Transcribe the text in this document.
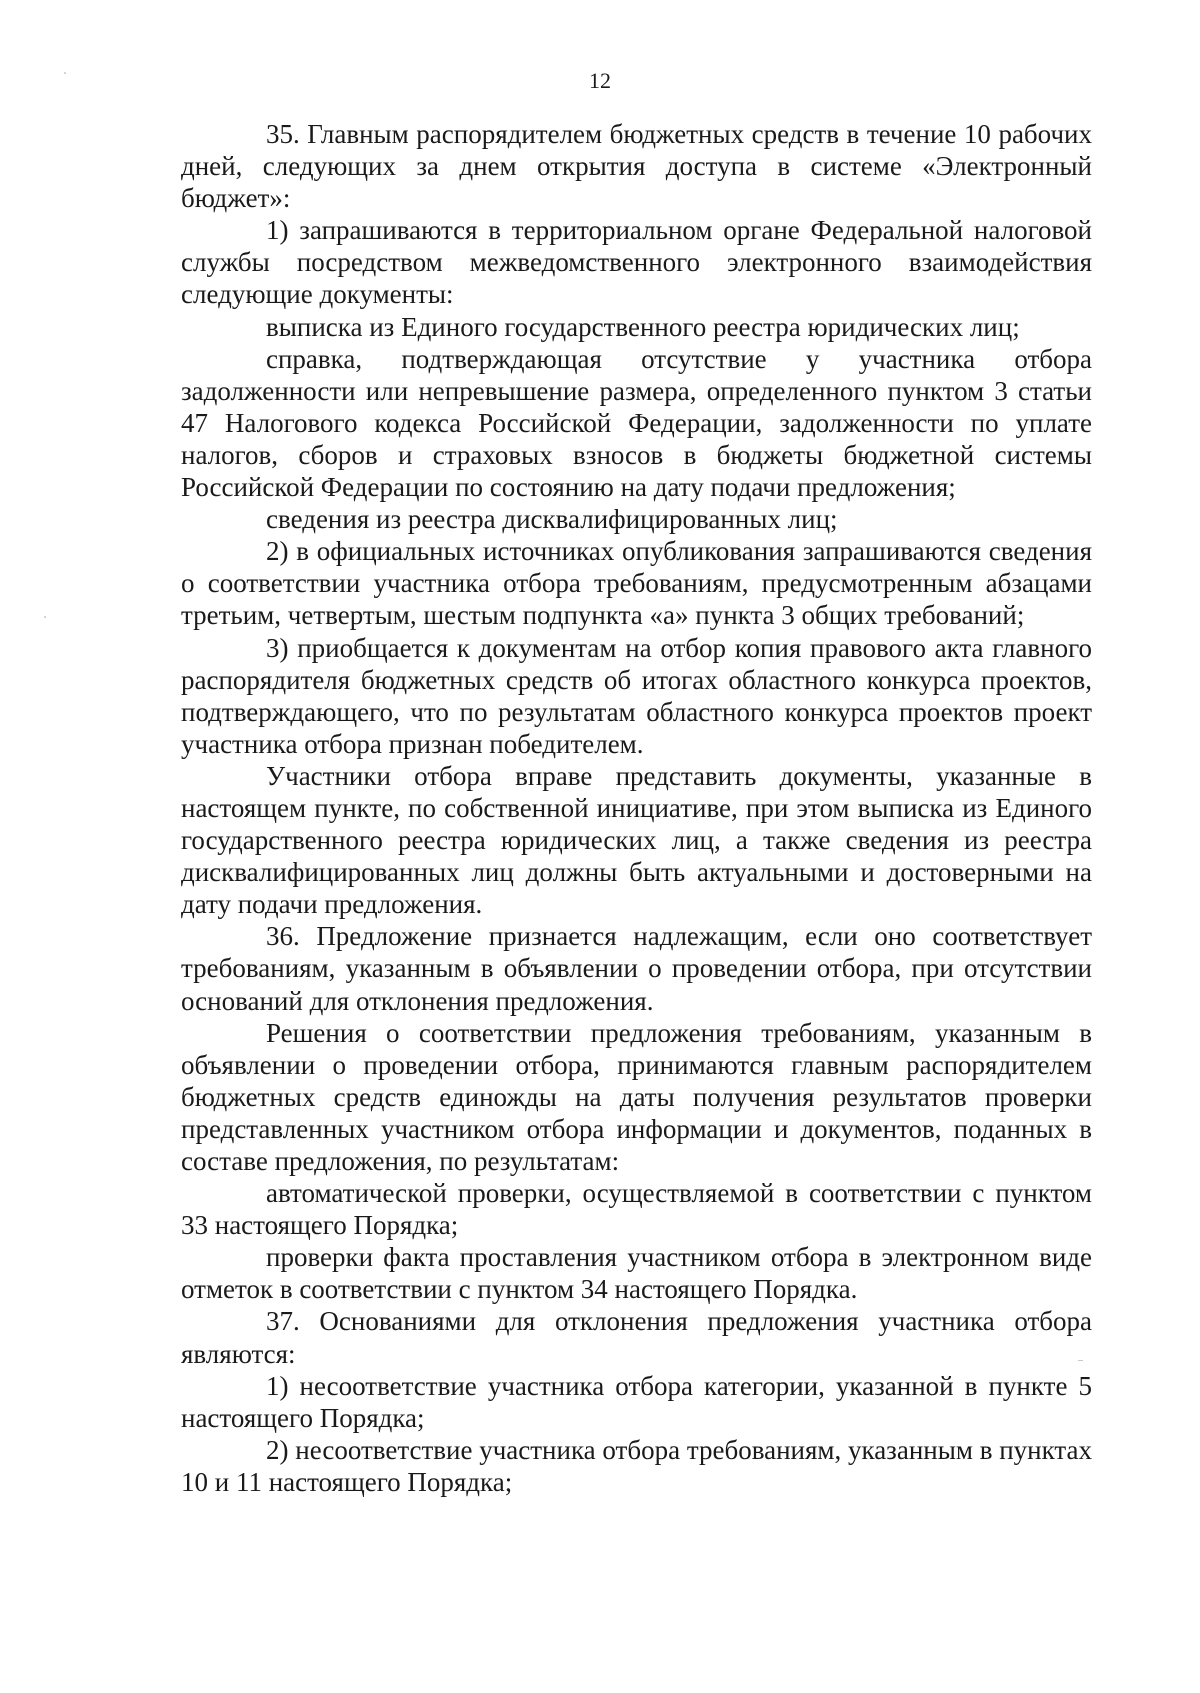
12

35. Главным распорядителем бюджетных средств в течение 10 рабочих дней, следующих за днем открытия доступа в системе «Электронный бюджет»:

1) запрашиваются в территориальном органе Федеральной налоговой службы посредством межведомственного электронного взаимодействия следующие документы:

выписка из Единого государственного реестра юридических лиц;

справка, подтверждающая отсутствие у участника отбора задолженности или непревышение размера, определенного пунктом 3 статьи 47 Налогового кодекса Российской Федерации, задолженности по уплате налогов, сборов и страховых взносов в бюджеты бюджетной системы Российской Федерации по состоянию на дату подачи предложения;

сведения из реестра дисквалифицированных лиц;

2) в официальных источниках опубликования запрашиваются сведения о соответствии участника отбора требованиям, предусмотренным абзацами третьим, четвертым, шестым подпункта «а» пункта 3 общих требований;

3) приобщается к документам на отбор копия правового акта главного распорядителя бюджетных средств об итогах областного конкурса проектов, подтверждающего, что по результатам областного конкурса проектов проект участника отбора признан победителем.

Участники отбора вправе представить документы, указанные в настоящем пункте, по собственной инициативе, при этом выписка из Единого государственного реестра юридических лиц, а также сведения из реестра дисквалифицированных лиц должны быть актуальными и достоверными на дату подачи предложения.

36. Предложение признается надлежащим, если оно соответствует требованиям, указанным в объявлении о проведении отбора, при отсутствии оснований для отклонения предложения.

Решения о соответствии предложения требованиям, указанным в объявлении о проведении отбора, принимаются главным распорядителем бюджетных средств единожды на даты получения результатов проверки представленных участником отбора информации и документов, поданных в составе предложения, по результатам:

автоматической проверки, осуществляемой в соответствии с пунктом 33 настоящего Порядка;

проверки факта проставления участником отбора в электронном виде отметок в соответствии с пунктом 34 настоящего Порядка.

37. Основаниями для отклонения предложения участника отбора являются:

1) несоответствие участника отбора категории, указанной в пункте 5 настоящего Порядка;

2) несоответствие участника отбора требованиям, указанным в пунктах 10 и 11 настоящего Порядка;
